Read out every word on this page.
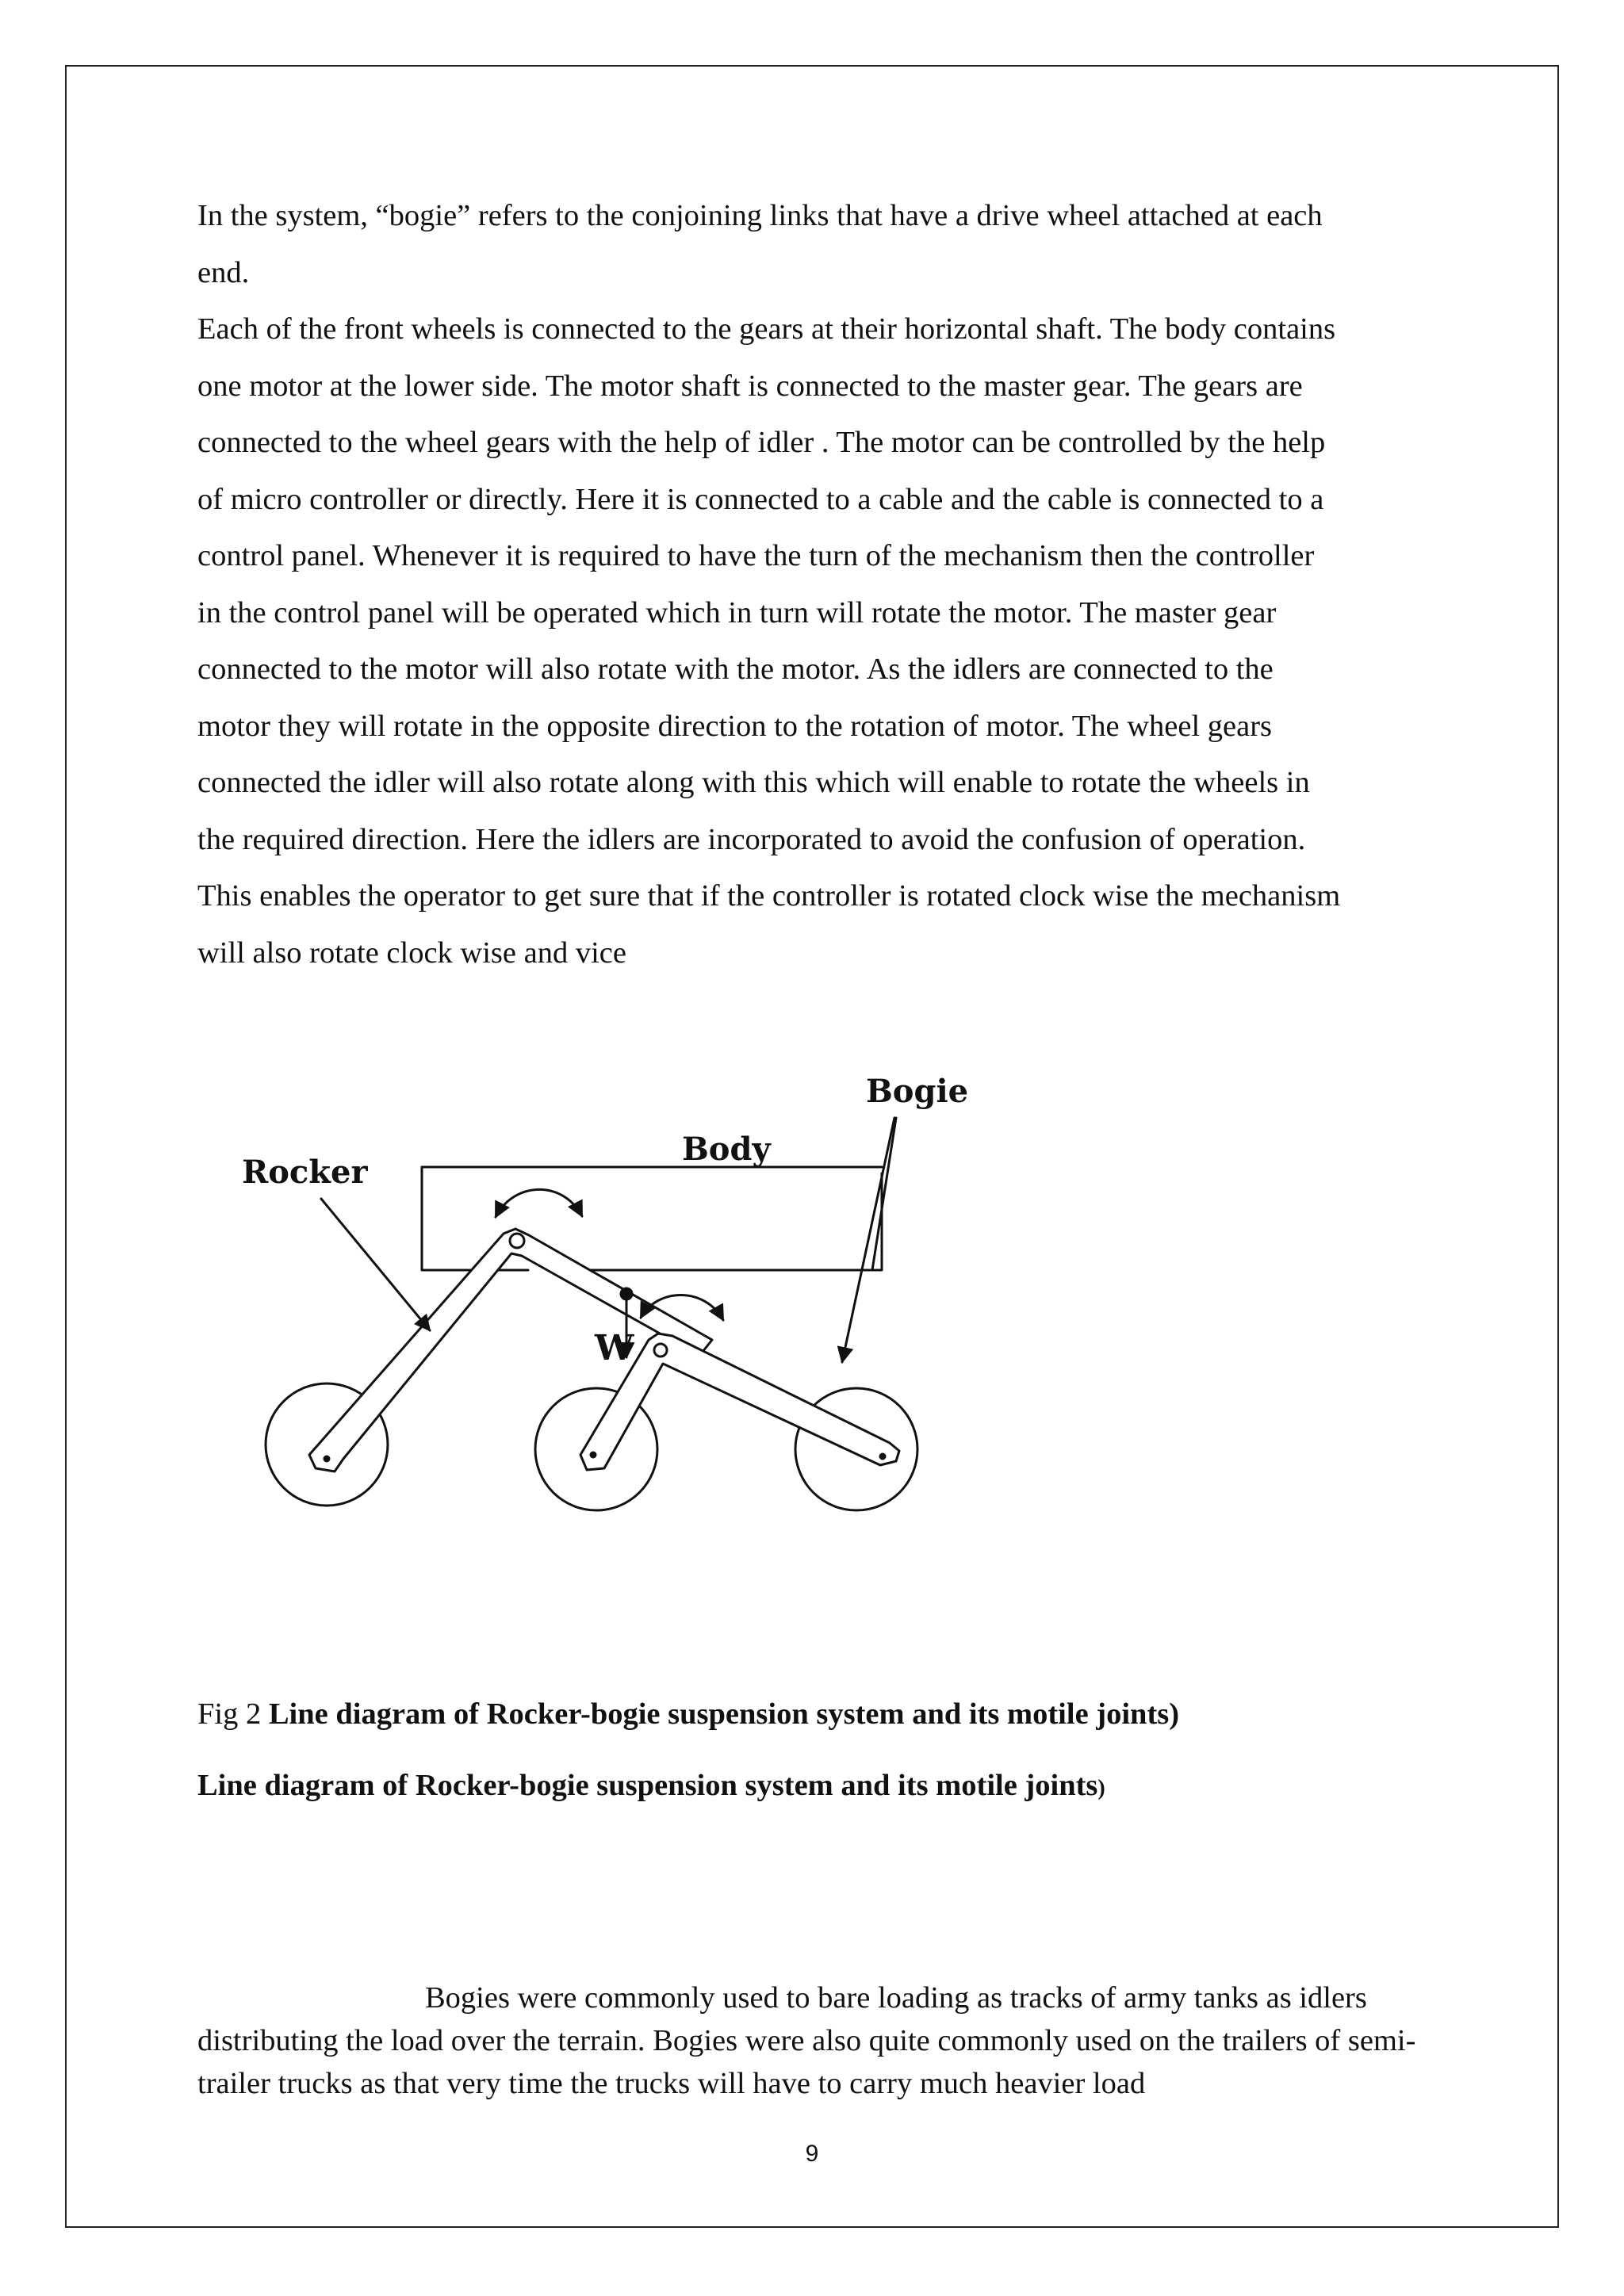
In the system, “bogie” refers to the conjoining links that have a drive wheel attached at each
end.
Each of the front wheels is connected to the gears at their horizontal shaft. The body contains
one motor at the lower side. The motor shaft is connected to the master gear. The gears are
connected to the wheel gears with the help of idler . The motor can be controlled by the help
of micro controller or directly. Here it is connected to a cable and the cable is connected to a
control panel. Whenever it is required to have the turn of the mechanism then the controller
in the control panel will be operated which in turn will rotate the motor. The master gear
connected to the motor will also rotate with the motor. As the idlers are connected to the
motor they will rotate in the opposite direction to the rotation of motor. The wheel gears
connected the idler will also rotate along with this which will enable to rotate the wheels in
the required direction. Here the idlers are incorporated to avoid the confusion of operation.
This enables the operator to get sure that if the controller is rotated clock wise the mechanism
will also rotate clock wise and vice

Rocker
Body
Bogie
W

Fig 2 Line diagram of Rocker-bogie suspension system and its motile joints)

Line diagram of Rocker-bogie suspension system and its motile joints)

Bogies were commonly used to bare loading as tracks of army tanks as idlers distributing the load over the terrain. Bogies were also quite commonly used on the trailers of semi-trailer trucks as that very time the trucks will have to carry much heavier load

9
